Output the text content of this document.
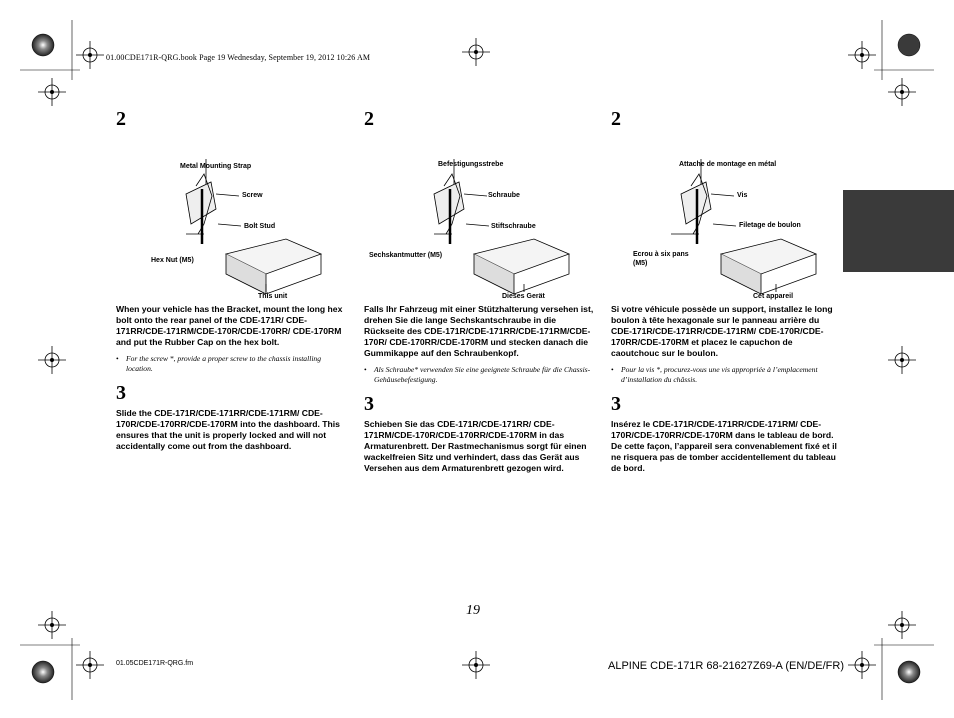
01.00CDE171R-QRG.book Page 19 Wednesday, September 19, 2012 10:26 AM
2
Metal Mounting Strap
Screw
Bolt Stud
Hex Nut (M5)
This unit

When your vehicle has the Bracket, mount the long hex bolt onto the rear panel of the CDE-171R/ CDE-171RR/CDE-171RM/CDE-170R/CDE-170RR/ CDE-170RM and put the Rubber Cap on the hex bolt.

• For the screw *, provide a proper screw to the chassis installing location.

3

Slide the CDE-171R/CDE-171RR/CDE-171RM/ CDE-170R/CDE-170RR/CDE-170RM into the dashboard. This ensures that the unit is properly locked and will not accidentally come out from the dashboard.

2
Befestigungsstrebe
Schraube
Stiftschraube
Sechskantmutter (M5)
Dieses Gerät

Falls Ihr Fahrzeug mit einer Stützhalterung versehen ist, drehen Sie die lange Sechskantschraube in die Rückseite des CDE-171R/CDE-171RR/CDE-171RM/CDE-170R/ CDE-170RR/CDE-170RM und stecken danach die Gummikappe auf den Schraubenkopf.

• Als Schraube* verwenden Sie eine geeignete Schraube für die Chassis-Gehäusebefestigung.

3

Schieben Sie das CDE-171R/CDE-171RR/ CDE-171RM/CDE-170R/CDE-170RR/CDE-170RM in das Armaturenbrett. Der Rastmechanismus sorgt für einen wackelfreien Sitz und verhindert, dass das Gerät aus Versehen aus dem Armaturenbrett gezogen wird.

2
Attache de montage en métal
Vis
Filetage de boulon
Ecrou à six pans (M5)
Cet appareil

Si votre véhicule possède un support, installez le long boulon à tête hexagonale sur le panneau arrière du CDE-171R/CDE-171RR/CDE-171RM/ CDE-170R/CDE-170RR/CDE-170RM et placez le capuchon de caoutchouc sur le boulon.

• Pour la vis *, procurez-vous une vis appropriée à l’emplacement d’installation du châssis.

3

Insérez le CDE-171R/CDE-171RR/CDE-171RM/ CDE-170R/CDE-170RR/CDE-170RM dans le tableau de bord. De cette façon, l’appareil sera convenablement fixé et il ne risquera pas de tomber accidentellement du tableau de bord.

19
01.05CDE171R-QRG.fm	ALPINE CDE-171R 68-21627Z69-A (EN/DE/FR)
